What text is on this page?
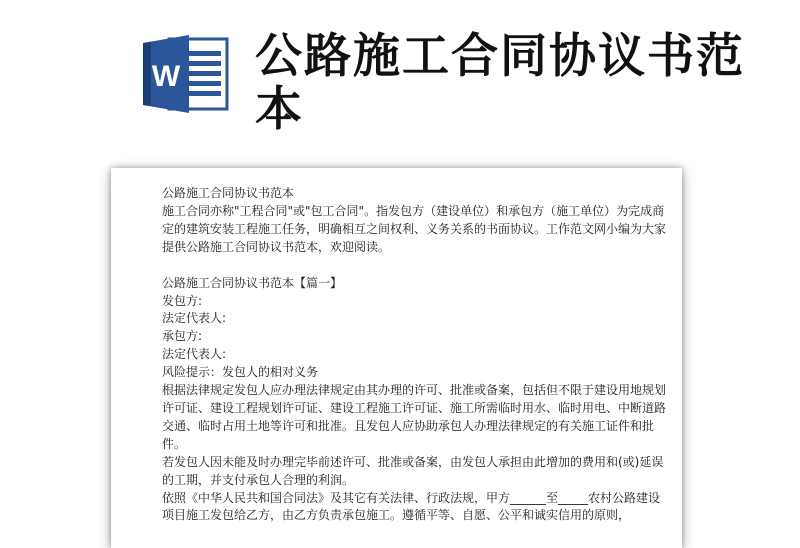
W 公路施工合同协议书范本

公路施工合同协议书范本

施工合同亦称"工程合同"或"包工合同"。指发包方（建设单位）和承包方（施工单位）为完成商定的建筑安装工程施工任务，明确相互之间权利、义务关系的书面协议。工作范文网小编为大家提供公路施工合同协议书范本，欢迎阅读。

公路施工合同协议书范本【篇一】

发包方:

法定代表人:

承包方:

法定代表人:

风险提示：发包人的相对义务

根据法律规定发包人应办理法律规定由其办理的许可、批准或备案，包括但不限于建设用地规划许可证、建设工程规划许可证、建设工程施工许可证、施工所需临时用水、临时用电、中断道路交通、临时占用土地等许可和批准。且发包人应协助承包人办理法律规定的有关施工证件和批件。

若发包人因未能及时办理完毕前述许可、批准或备案，由发包人承担由此增加的费用和(或)延误的工期，并支付承包人合理的利润。

依照《中华人民共和国合同法》及其它有关法律、行政法规，甲方______至_____农村公路建设项目施工发包给乙方，由乙方负责承包施工。遵循平等、自愿、公平和诚实信用的原则，
